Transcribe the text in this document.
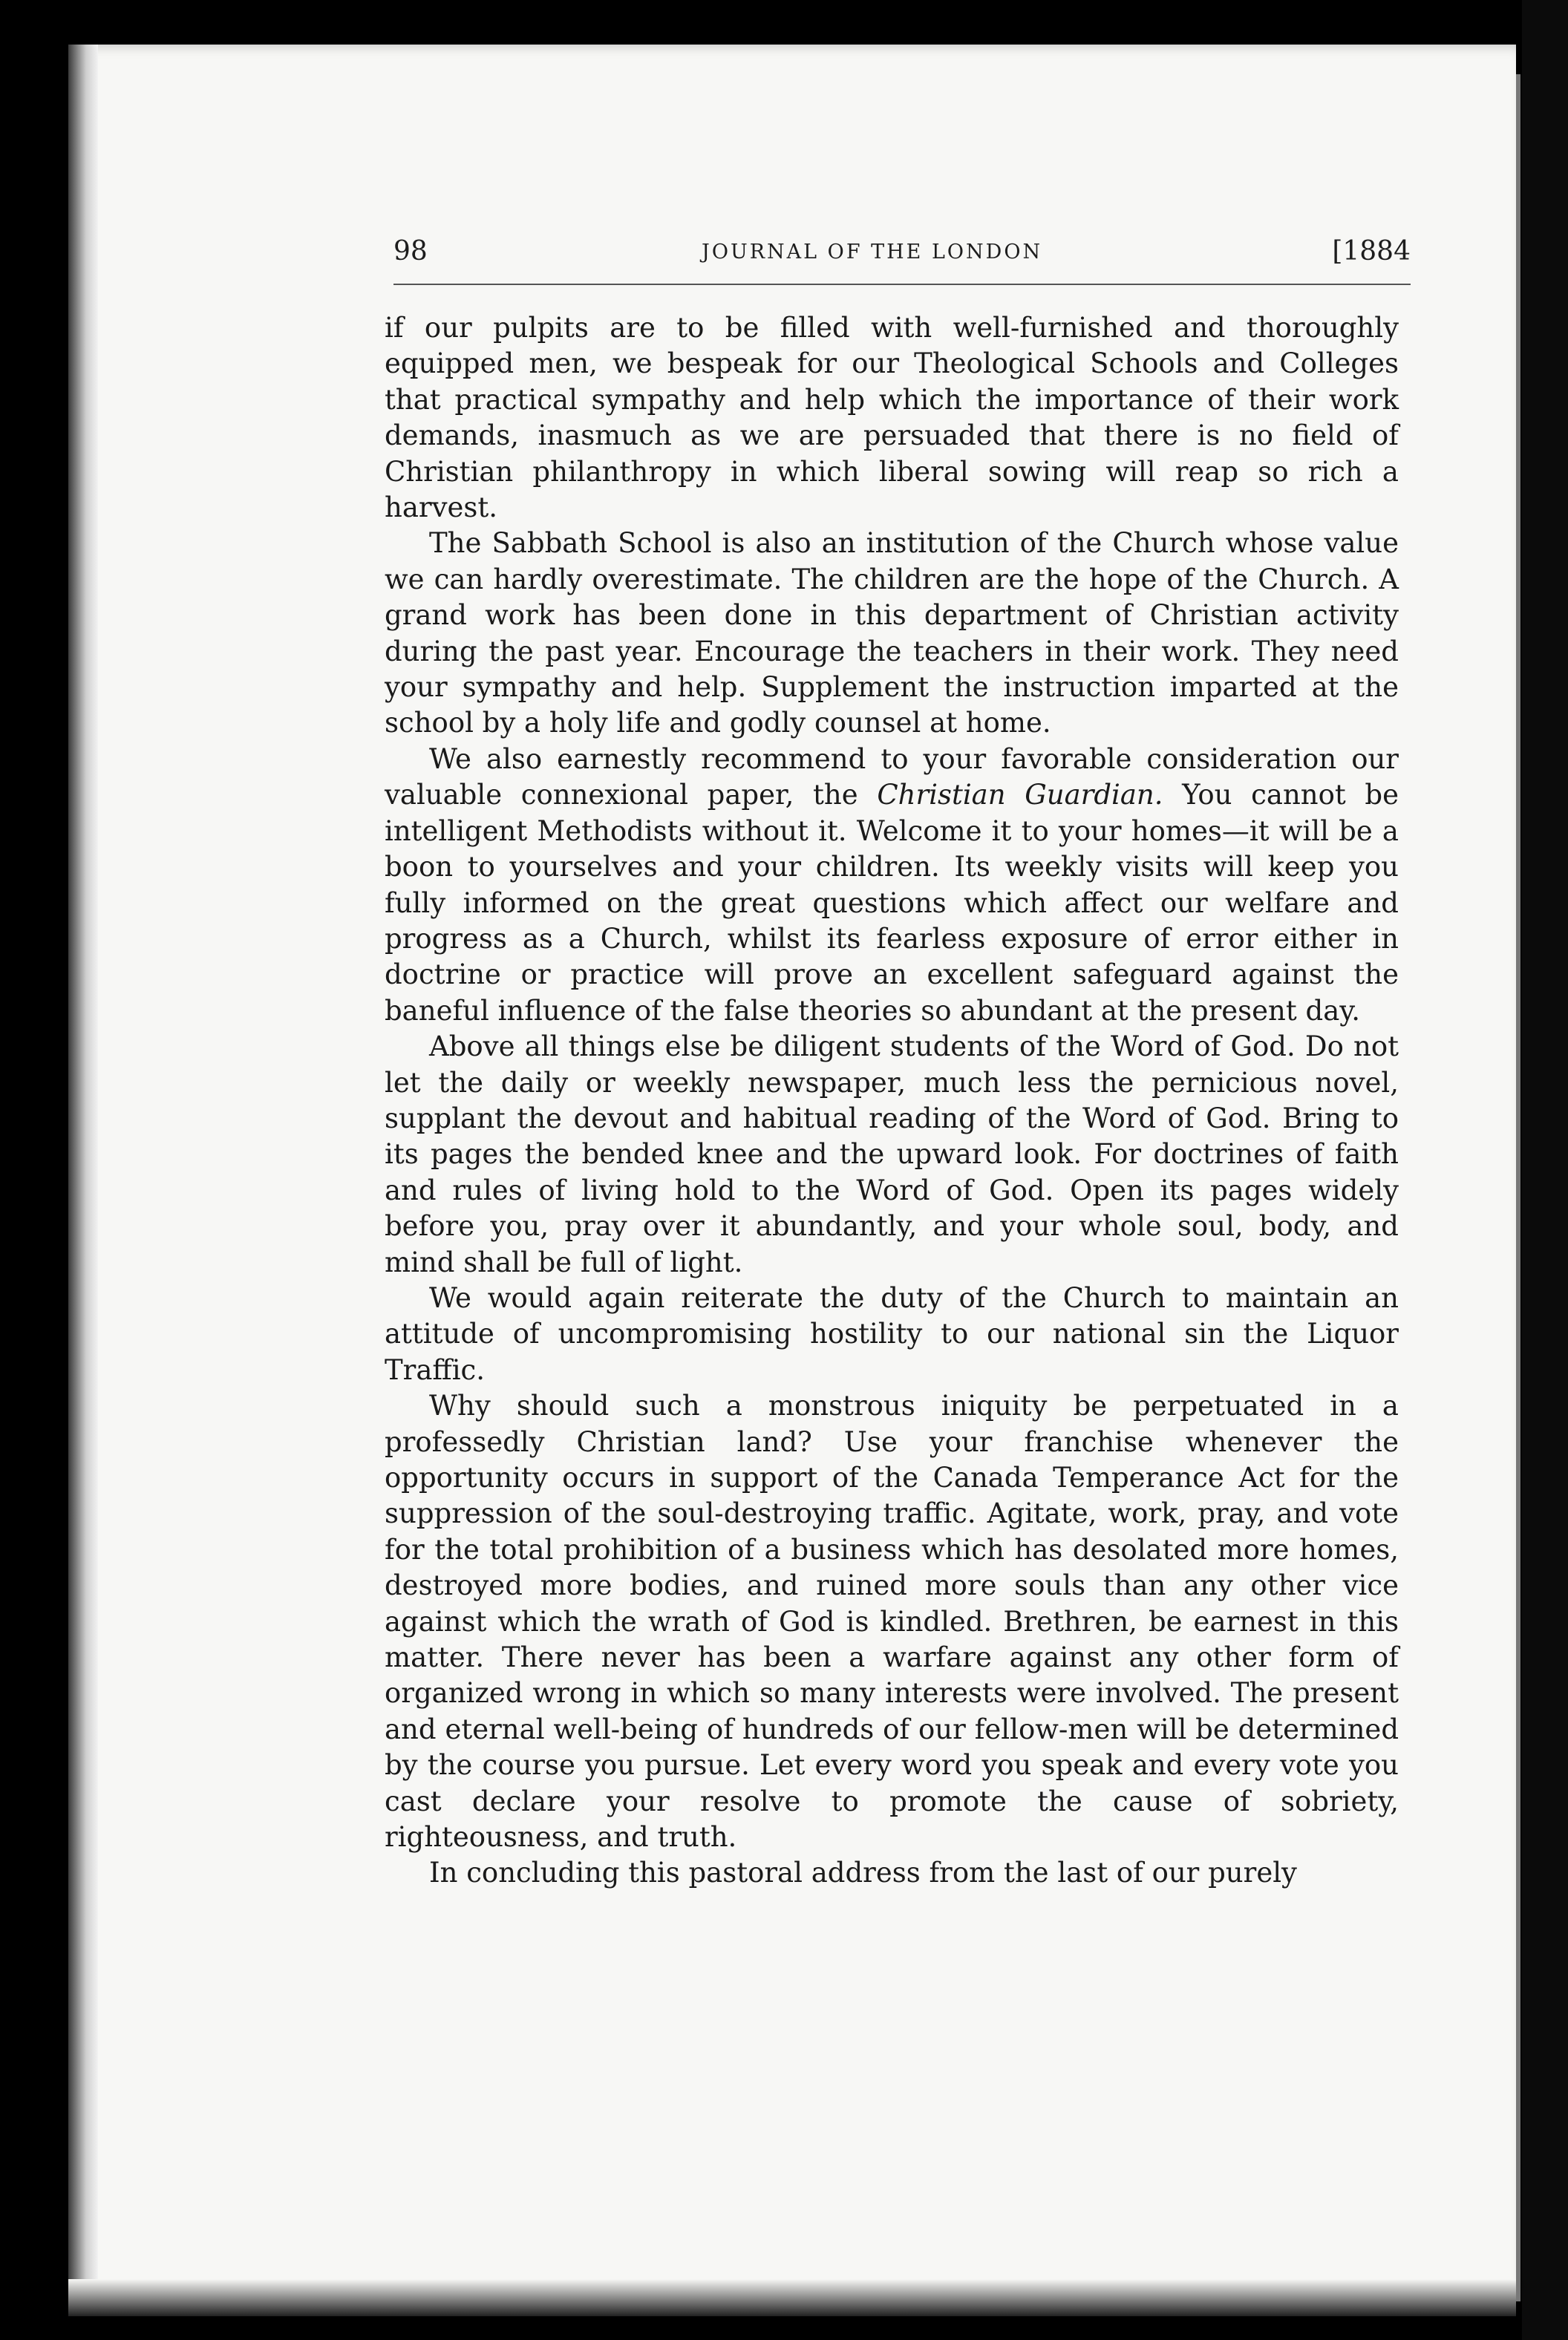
98	JOURNAL OF THE LONDON	[1884

if our pulpits are to be filled with well-furnished and thoroughly equipped men, we bespeak for our Theological Schools and Colleges that practical sympathy and help which the importance of their work demands, inasmuch as we are persuaded that there is no field of Christian philanthropy in which liberal sowing will reap so rich a harvest.

The Sabbath School is also an institution of the Church whose value we can hardly overestimate. The children are the hope of the Church. A grand work has been done in this department of Christian activity during the past year. Encourage the teachers in their work. They need your sympathy and help. Supplement the instruction imparted at the school by a holy life and godly counsel at home.

We also earnestly recommend to your favorable consideration our valuable connexional paper, the Christian Guardian. You cannot be intelligent Methodists without it. Welcome it to your homes—it will be a boon to yourselves and your children. Its weekly visits will keep you fully informed on the great questions which affect our welfare and progress as a Church, whilst its fearless exposure of error either in doctrine or practice will prove an excellent safeguard against the baneful influence of the false theories so abundant at the present day.

Above all things else be diligent students of the Word of God. Do not let the daily or weekly newspaper, much less the pernicious novel, supplant the devout and habitual reading of the Word of God. Bring to its pages the bended knee and the upward look. For doctrines of faith and rules of living hold to the Word of God. Open its pages widely before you, pray over it abundantly, and your whole soul, body, and mind shall be full of light.

We would again reiterate the duty of the Church to maintain an attitude of uncompromising hostility to our national sin the Liquor Traffic.

Why should such a monstrous iniquity be perpetuated in a professedly Christian land? Use your franchise whenever the opportunity occurs in support of the Canada Temperance Act for the suppression of the soul-destroying traffic. Agitate, work, pray, and vote for the total prohibition of a business which has desolated more homes, destroyed more bodies, and ruined more souls than any other vice against which the wrath of God is kindled. Brethren, be earnest in this matter. There never has been a warfare against any other form of organized wrong in which so many interests were involved. The present and eternal well-being of hundreds of our fellow-men will be determined by the course you pursue. Let every word you speak and every vote you cast declare your resolve to promote the cause of sobriety, righteousness, and truth.

In concluding this pastoral address from the last of our purely
